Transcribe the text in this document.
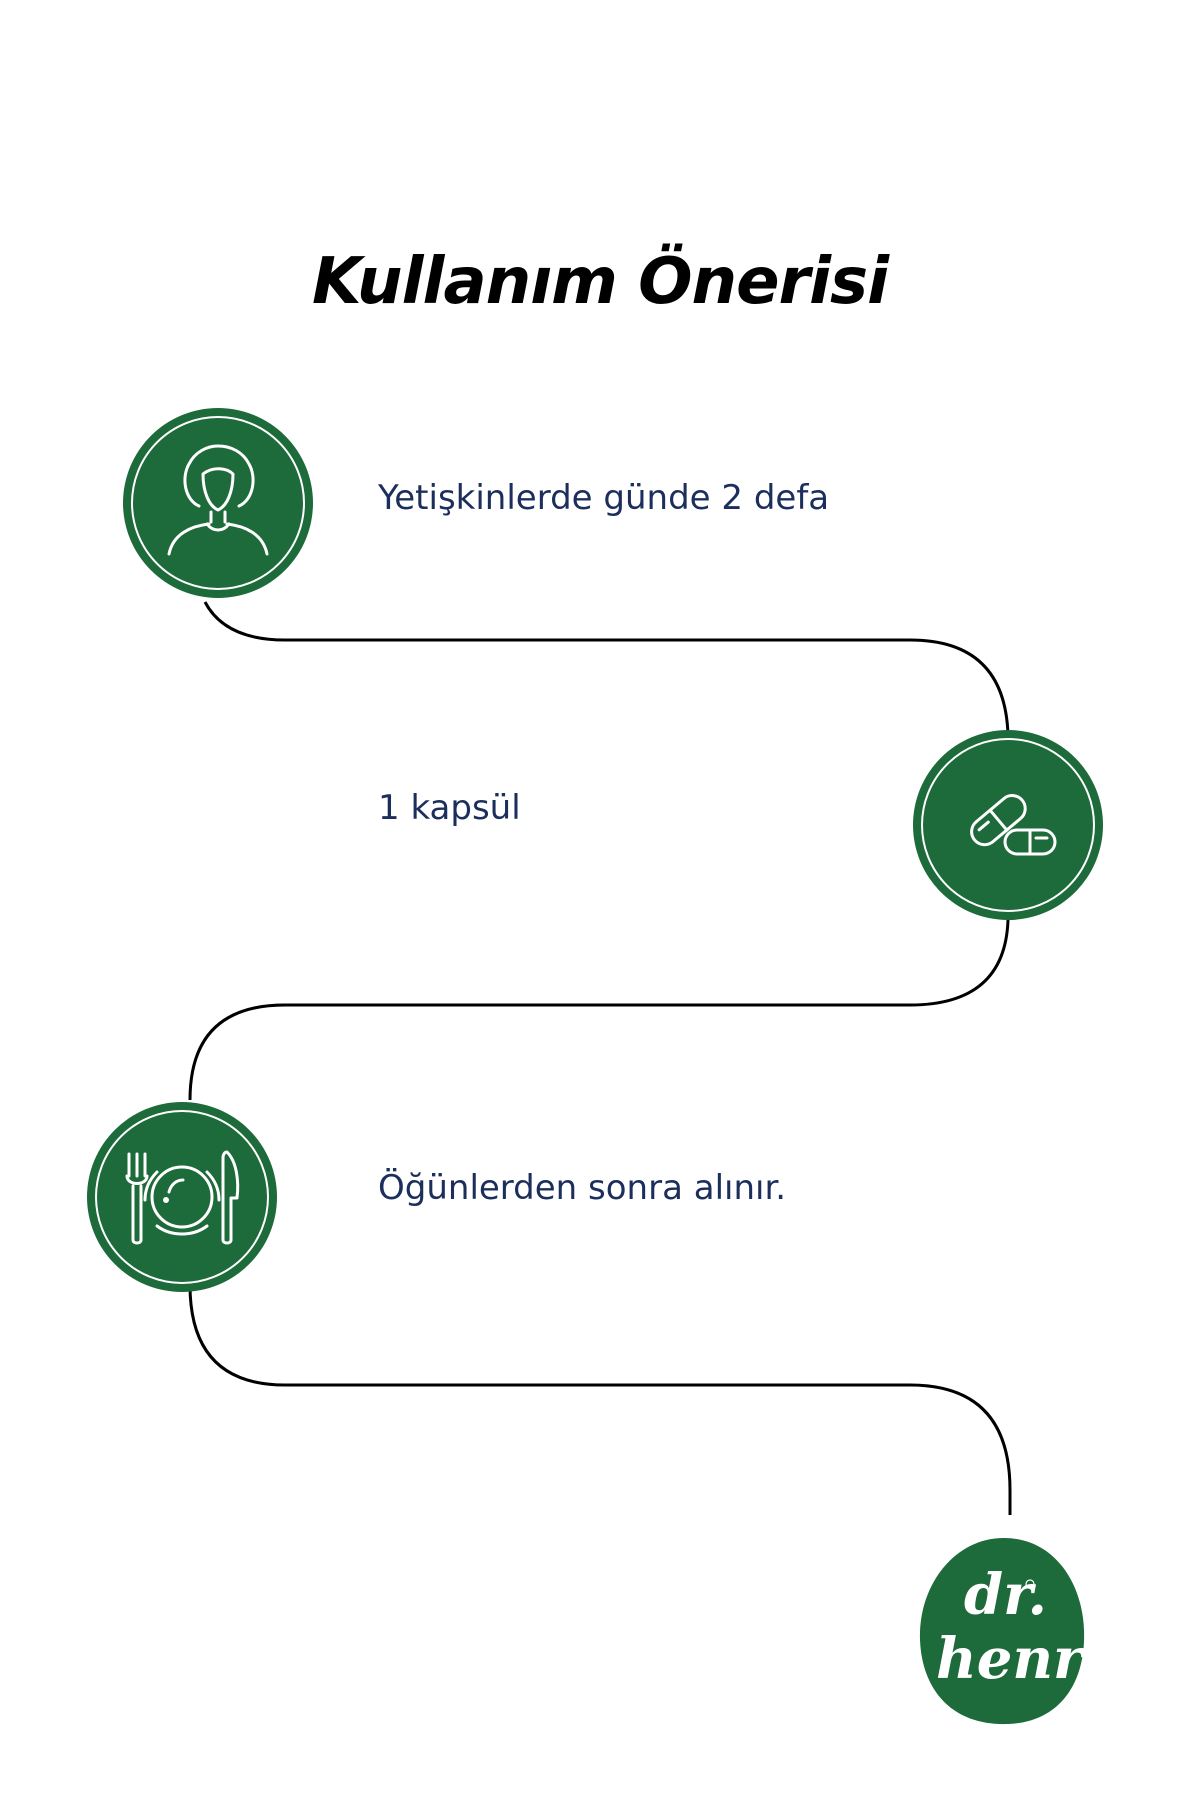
Kullanım Önerisi
Yetişkinlerde günde 2 defa
1 kapsül
Öğünlerden sonra alınır.
dr.
henri
